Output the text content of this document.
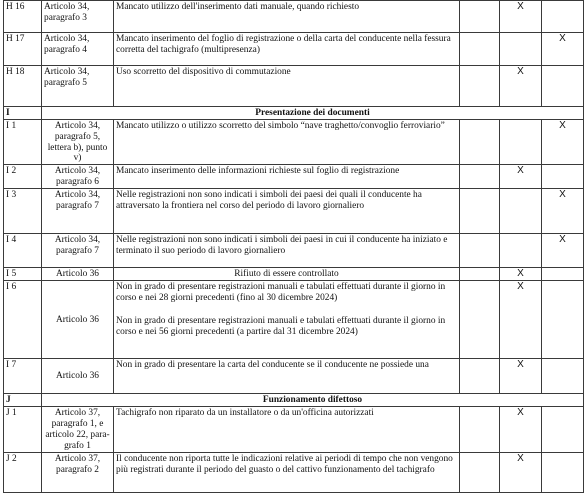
H 16	Articolo 34, paragrafo 3	Mancato utilizzo dell'inserimento dati manuale, quando richiesto		X	
H 17	Articolo 34, paragrafo 4	Mancato inserimento del foglio di registrazione o della carta del conducente nella fessura corretta del tachigrafo (multipresenza)			X
H 18	Articolo 34, paragrafo 5	Uso scorretto del dispositivo di commutazione		X	
I	Presentazione dei documenti				
I 1	Articolo 34, paragrafo 5, lettera b), punto v)	Mancato utilizzo o utilizzo scorretto del simbolo “nave traghetto/convoglio ferroviario”			X
I 2	Articolo 34, paragrafo 6	Mancato inserimento delle informazioni richieste sul foglio di registrazione		X	
I 3	Articolo 34, paragrafo 7	Nelle registrazioni non sono indicati i simboli dei paesi dei quali il conducente ha attraversato la frontiera nel corso del periodo di lavoro giornaliero			X
I 4	Articolo 34, paragrafo 7	Nelle registrazioni non sono indicati i simboli dei paesi in cui il conducente ha iniziato e terminato il suo periodo di lavoro giornaliero			X
I 5	Articolo 36	Rifiuto di essere controllato		X	
I 6	Articolo 36	Non in grado di presentare registrazioni manuali e tabulati effettuati durante il giorno in corso e nei 28 giorni precedenti (fino al 30 dicembre 2024)
Non in grado di presentare registrazioni manuali e tabulati effettuati durante il giorno in corso e nei 56 giorni precedenti (a partire dal 31 dicembre 2024)		X	
I 7	Articolo 36	Non in grado di presentare la carta del conducente se il conducente ne possiede una		X	
J	Funzionamento difettoso				
J 1	Articolo 37, paragrafo 1, e articolo 22, para- grafo 1	Tachigrafo non riparato da un installatore o da un'officina autorizzati		X	
J 2	Articolo 37, paragrafo 2	Il conducente non riporta tutte le indicazioni relative ai periodi di tempo che non vengono più registrati durante il periodo del guasto o del cattivo funzionamento del tachigrafo		X	
